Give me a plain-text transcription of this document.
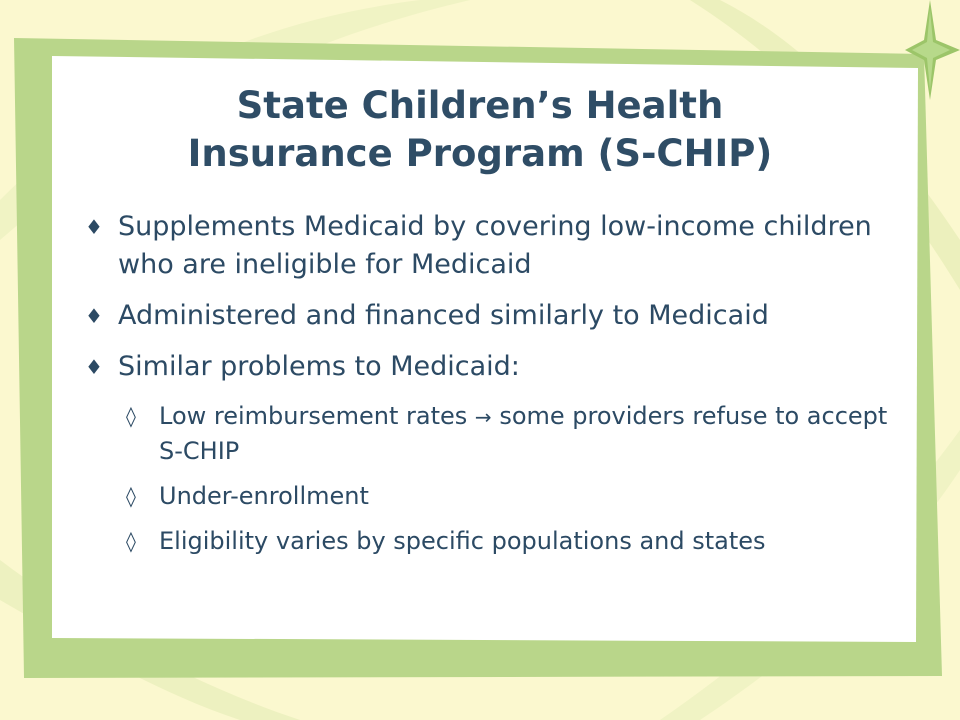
State Children’s Health
Insurance Program (S-CHIP)
♦ Supplements Medicaid by covering low-income children who are ineligible for Medicaid
♦ Administered and financed similarly to Medicaid
♦ Similar problems to Medicaid:
◊ Low reimbursement rates → some providers refuse to accept S-CHIP
◊ Under-enrollment
◊ Eligibility varies by specific populations and states
